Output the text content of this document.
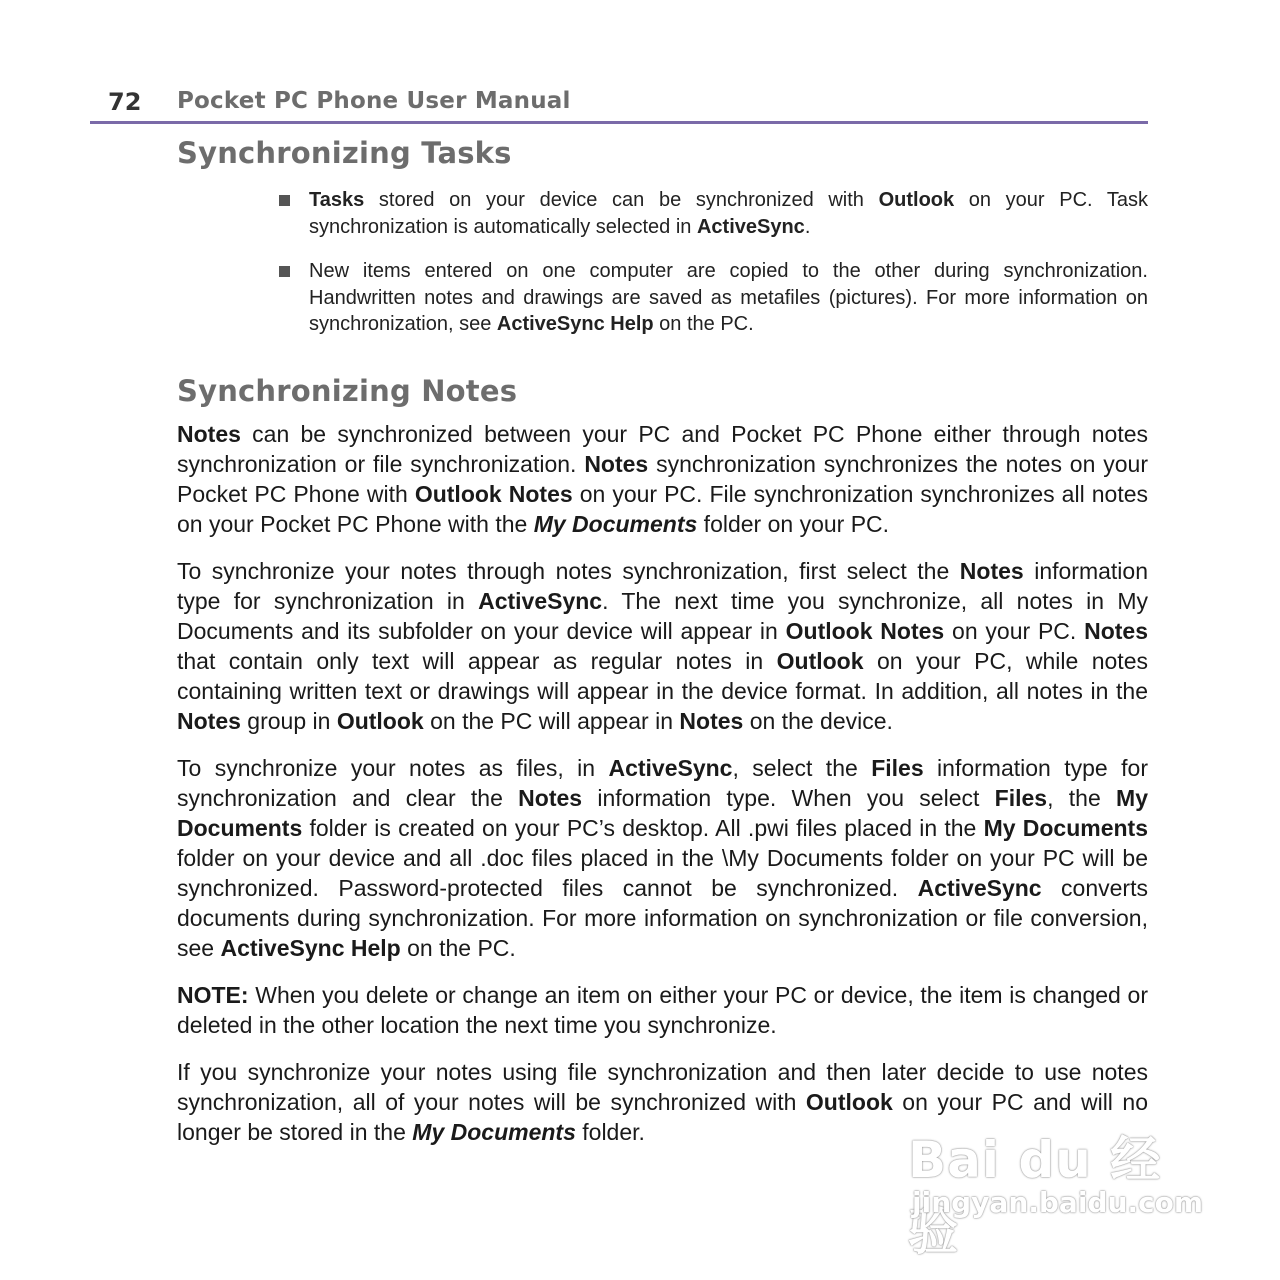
72 Pocket PC Phone User Manual
Synchronizing Tasks
Tasks stored on your device can be synchronized with Outlook on your PC. Task synchronization is automatically selected in ActiveSync.
New items entered on one computer are copied to the other during synchronization. Handwritten notes and drawings are saved as metafiles (pictures). For more information on synchronization, see ActiveSync Help on the PC.
Synchronizing Notes

Notes can be synchronized between your PC and Pocket PC Phone either through notes synchronization or file synchronization. Notes synchronization synchronizes the notes on your Pocket PC Phone with Outlook Notes on your PC. File synchronization synchronizes all notes on your Pocket PC Phone with the My Documents folder on your PC.

To synchronize your notes through notes synchronization, first select the Notes information type for synchronization in ActiveSync. The next time you synchronize, all notes in My Documents and its subfolder on your device will appear in Outlook Notes on your PC. Notes that contain only text will appear as regular notes in Outlook on your PC, while notes containing written text or drawings will appear in the device format. In addition, all notes in the Notes group in Outlook on the PC will appear in Notes on the device.

To synchronize your notes as files, in ActiveSync, select the Files information type for synchronization and clear the Notes information type. When you select Files, the My Documents folder is created on your PC’s desktop. All .pwi files placed in the My Documents folder on your device and all .doc files placed in the \My Documents folder on your PC will be synchronized. Password-protected files cannot be synchronized. ActiveSync converts documents during synchronization. For more information on synchronization or file conversion, see ActiveSync Help on the PC.

NOTE: When you delete or change an item on either your PC or device, the item is changed or deleted in the other location the next time you synchronize.

If you synchronize your notes using file synchronization and then later decide to use notes synchronization, all of your notes will be synchronized with Outlook on your PC and will no longer be stored in the My Documents folder.	Bai du 经验
jingyan.baidu.com
